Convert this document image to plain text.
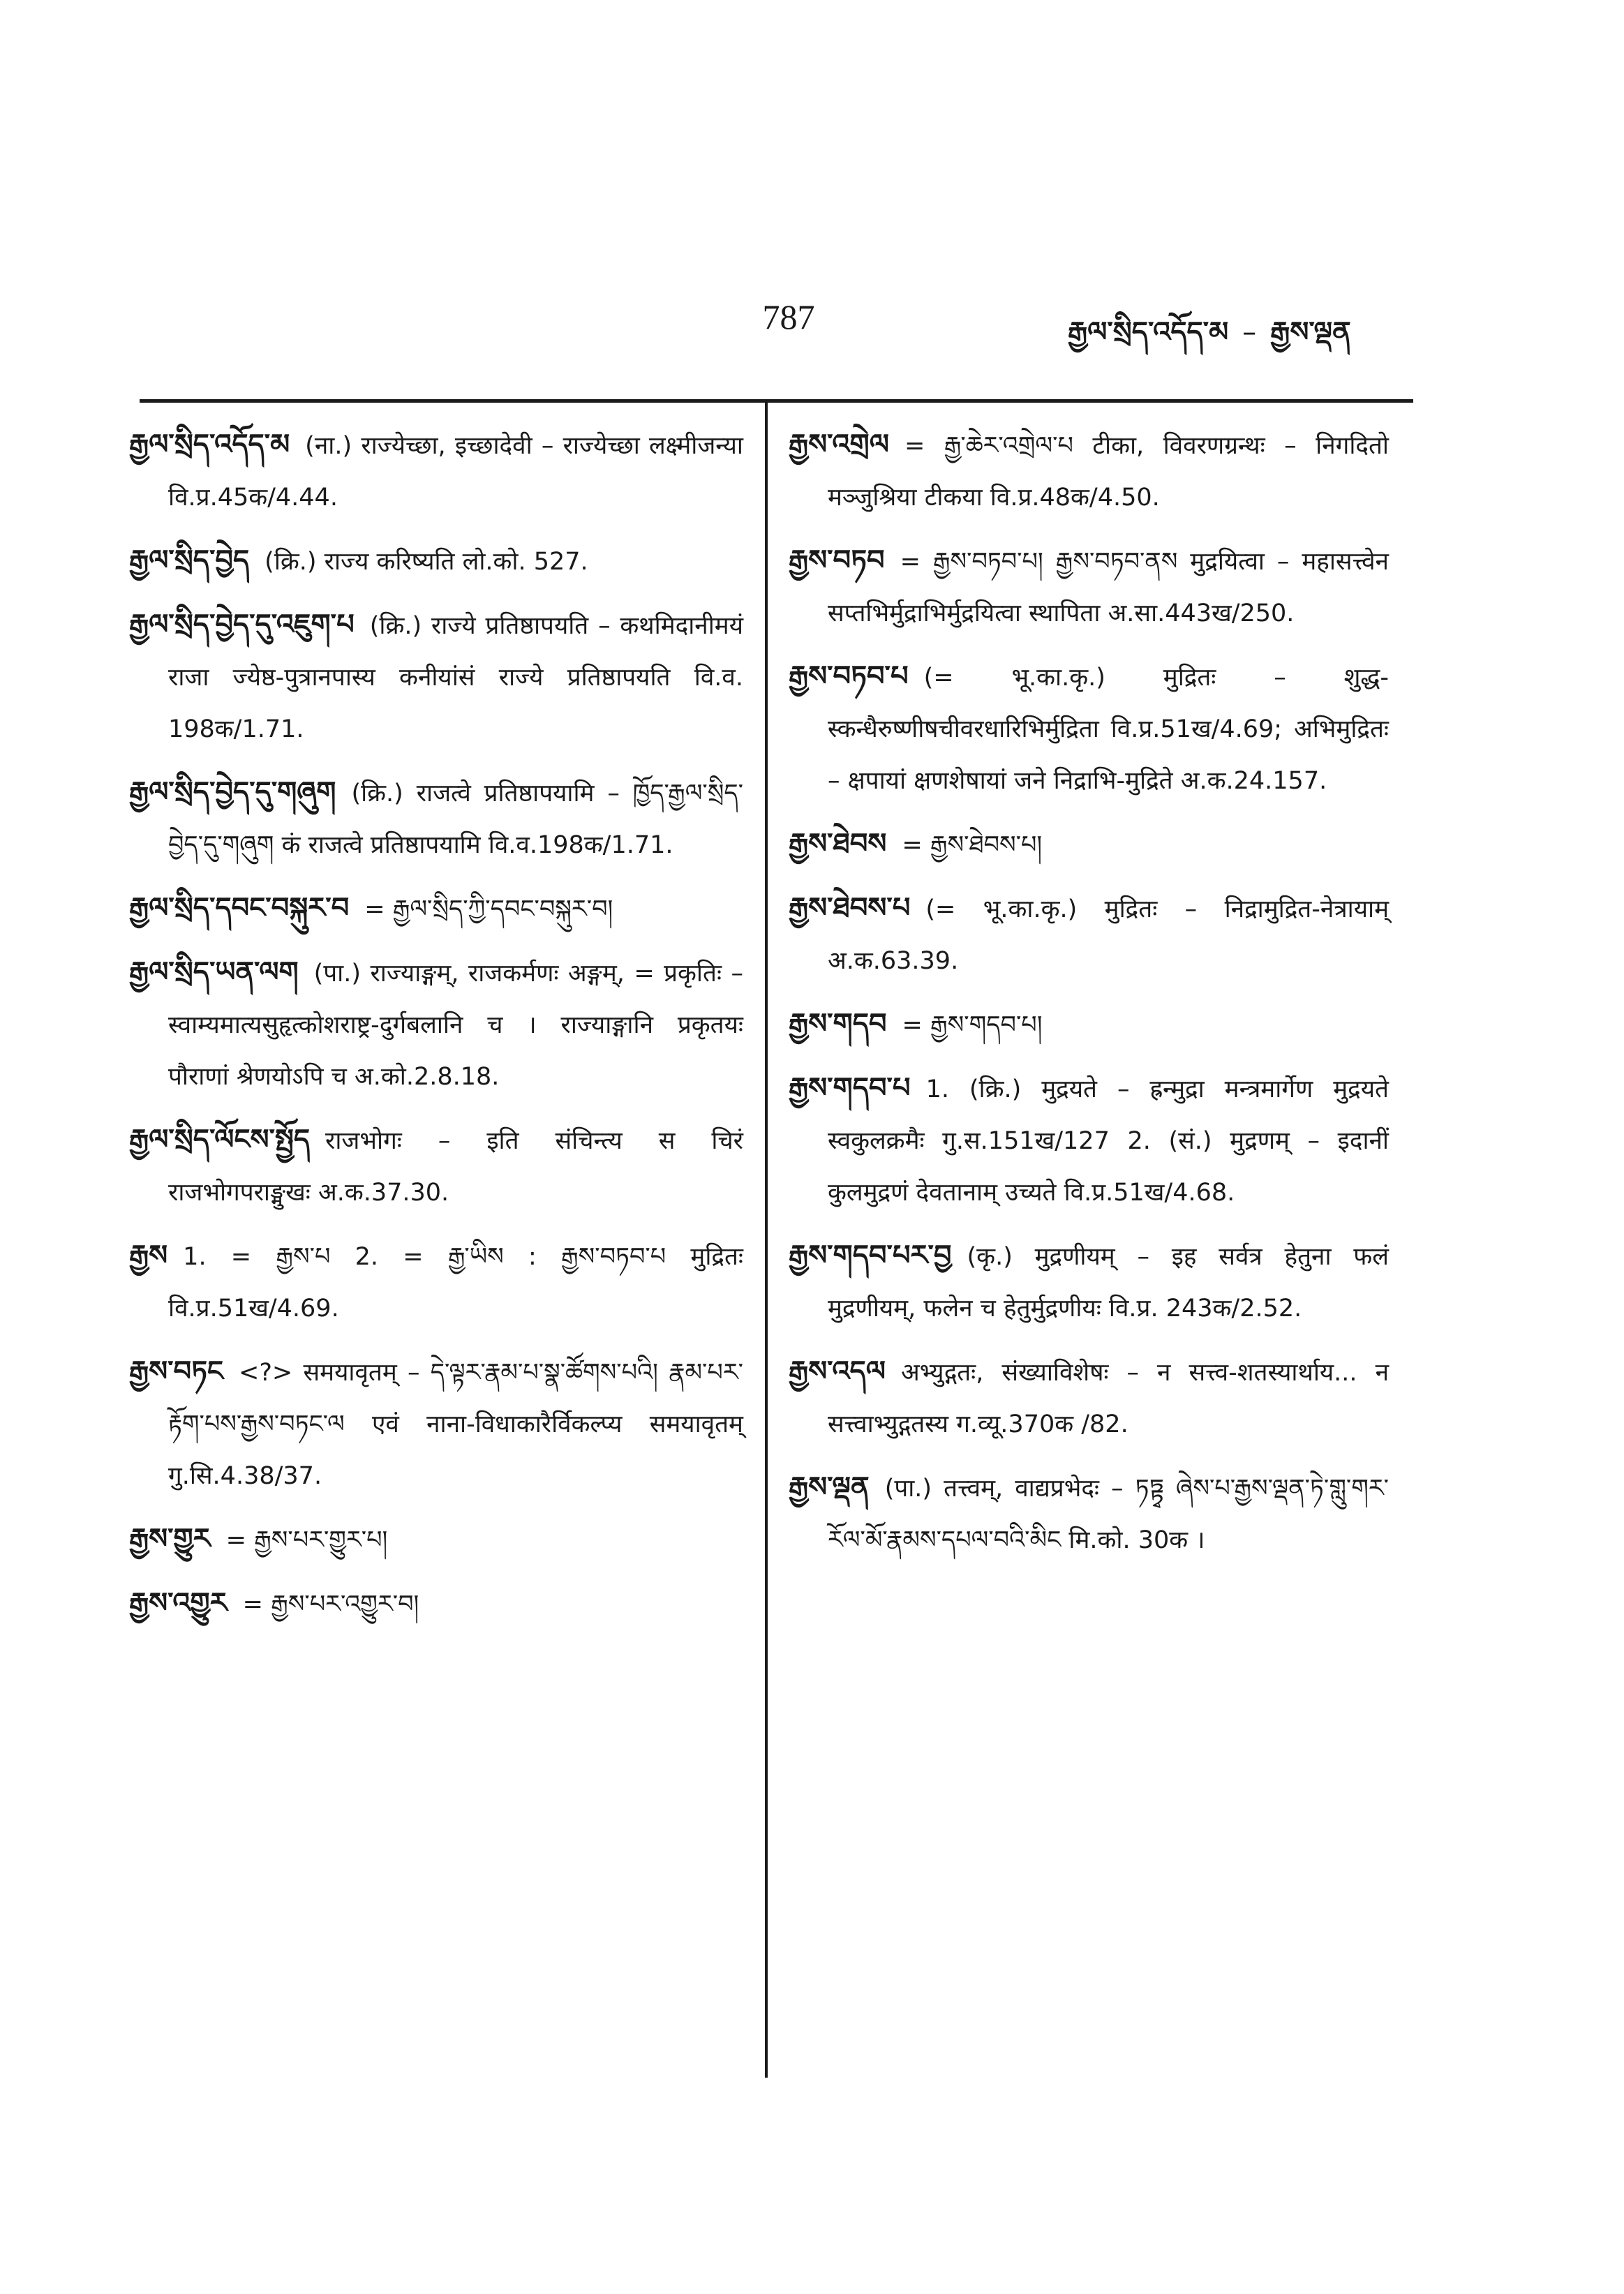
787	རྒྱལ་སྲིད་འདོད་མ – རྒྱས་ལྡན

རྒྱལ་སྲིད་འདོད་མ (ना.) राज्येच्छा, इच्छादेवी – राज्येच्छा लक्ष्मीजन्या वि.प्र.45क/4.44.

རྒྱལ་སྲིད་བྱེད (क्रि.) राज्य करिष्यति लो.को. 527.

རྒྱལ་སྲིད་བྱེད་དུ་འཇུག་པ (क्रि.) राज्ये प्रतिष्ठापयति – कथमिदानीमयं राजा ज्येष्ठ-पुत्रानपास्य कनीयांसं राज्ये प्रतिष्ठापयति वि.व. 198क/1.71.

རྒྱལ་སྲིད་བྱེད་དུ་གཞུག (क्रि.) राजत्वे प्रतिष्ठापयामि – ཁྱོད་རྒྱལ་སྲིད་བྱེད་དུ་གཞུག कं राजत्वे प्रतिष्ठापयामि वि.व.198क/1.71.

རྒྱལ་སྲིད་དབང་བསྐུར་བ = རྒྱལ་སྲིད་ཀྱི་དབང་བསྐུར་བ།

རྒྱལ་སྲིད་ཡན་ལག (पा.) राज्याङ्गम्, राजकर्मणः अङ्गम्, = प्रकृतिः – स्वाम्यमात्यसुहृत्कोशराष्ट्र-दुर्गबलानि च । राज्याङ्गानि प्रकृतयः पौराणां श्रेणयोऽपि च अ.को.2.8.18.

རྒྱལ་སྲིད་ལོངས་སྤྱོད राजभोगः – इति संचिन्त्य स चिरं राजभोगपराङ्मुखः अ.क.37.30.

རྒྱས 1. = རྒྱས་པ 2. = རྒྱ་ཡིས : རྒྱས་བཏབ་པ मुद्रितः वि.प्र.51ख/4.69.

རྒྱས་བཏང <?> समयावृतम् – དེ་ལྟར་རྣམ་པ་སྣ་ཚོགས་པའི། རྣམ་པར་རྟོག་པས་རྒྱས་བཏང་ལ एवं नाना-विधाकारैर्विकल्प्य समयावृतम् गु.सि.4.38/37.

རྒྱས་གྱུར = རྒྱས་པར་གྱུར་པ།

རྒྱས་འགྱུར = རྒྱས་པར་འགྱུར་བ།

རྒྱས་འགྲེལ = རྒྱ་ཆེར་འགྲེལ་པ टीका, विवरणग्रन्थः – निगदितो मञ्जुश्रिया टीकया वि.प्र.48क/4.50.

རྒྱས་བཏབ = རྒྱས་བཏབ་པ། རྒྱས་བཏབ་ནས मुद्रयित्वा – महासत्त्वेन सप्तभिर्मुद्राभिर्मुद्रयित्वा स्थापिता अ.सा.443ख/250.

རྒྱས་བཏབ་པ (= भू.का.कृ.) मुद्रितः – शुद्ध-स्कन्धैरुष्णीषचीवरधारिभिर्मुद्रिता वि.प्र.51ख/4.69; अभिमुद्रितः – क्षपायां क्षणशेषायां जने निद्राभि-मुद्रिते अ.क.24.157.

རྒྱས་ཐེབས = རྒྱས་ཐེབས་པ།

རྒྱས་ཐེབས་པ (= भू.का.कृ.) मुद्रितः – निद्रामुद्रित-नेत्रायाम् अ.क.63.39.

རྒྱས་གདབ = རྒྱས་གདབ་པ།

རྒྱས་གདབ་པ 1. (क्रि.) मुद्रयते – ह्रन्मुद्रा मन्त्रमार्गेण मुद्रयते स्वकुलक्रमैः गु.स.151ख/127 2. (सं.) मुद्रणम् – इदानीं कुलमुद्रणं देवतानाम् उच्यते वि.प्र.51ख/4.68.

རྒྱས་གདབ་པར་བྱ (कृ.) मुद्रणीयम् – इह सर्वत्र हेतुना फलं मुद्रणीयम्, फलेन च हेतुर्मुद्रणीयः वि.प्र. 243क/2.52.

རྒྱས་འདལ अभ्युद्गतः, संख्याविशेषः – न सत्त्व-शतस्यार्थाय... न सत्त्वाभ्युद्गतस्य ग.व्यू.370क /82.

རྒྱས་ལྡན (पा.) तत्त्वम्, वाद्यप्रभेदः – ཏཏྟྭ ཞེས་པ་རྒྱས་ལྡན་ཏེ་གླུ་གར་རོལ་མོ་རྣམས་དཔལ་བའི་མིང मि.को. 30क ।
